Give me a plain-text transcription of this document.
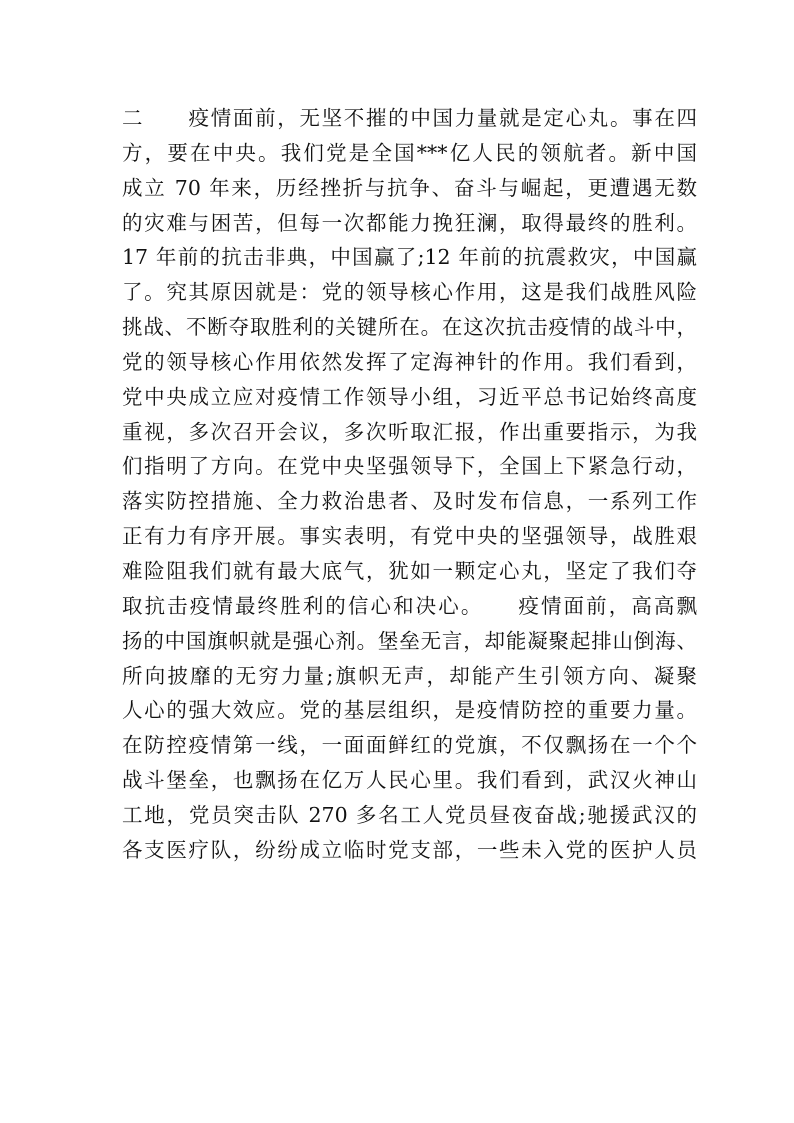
二　　疫情面前，无坚不摧的中国力量就是定心丸。事在四
方，要在中央。我们党是全国***亿人民的领航者。新中国
成立 70 年来，历经挫折与抗争、奋斗与崛起，更遭遇无数
的灾难与困苦，但每一次都能力挽狂澜，取得最终的胜利。
17 年前的抗击非典，中国赢了;12 年前的抗震救灾，中国赢
了。究其原因就是：党的领导核心作用，这是我们战胜风险
挑战、不断夺取胜利的关键所在。在这次抗击疫情的战斗中，
党的领导核心作用依然发挥了定海神针的作用。我们看到，
党中央成立应对疫情工作领导小组，习近平总书记始终高度
重视，多次召开会议，多次听取汇报，作出重要指示，为我
们指明了方向。在党中央坚强领导下，全国上下紧急行动，
落实防控措施、全力救治患者、及时发布信息，一系列工作
正有力有序开展。事实表明，有党中央的坚强领导，战胜艰
难险阻我们就有最大底气，犹如一颗定心丸，坚定了我们夺
取抗击疫情最终胜利的信心和决心。　　疫情面前，高高飘
扬的中国旗帜就是强心剂。堡垒无言，却能凝聚起排山倒海、
所向披靡的无穷力量;旗帜无声，却能产生引领方向、凝聚
人心的强大效应。党的基层组织，是疫情防控的重要力量。
在防控疫情第一线，一面面鲜红的党旗，不仅飘扬在一个个
战斗堡垒，也飘扬在亿万人民心里。我们看到，武汉火神山
工地，党员突击队 270 多名工人党员昼夜奋战;驰援武汉的
各支医疗队，纷纷成立临时党支部，一些未入党的医护人员
